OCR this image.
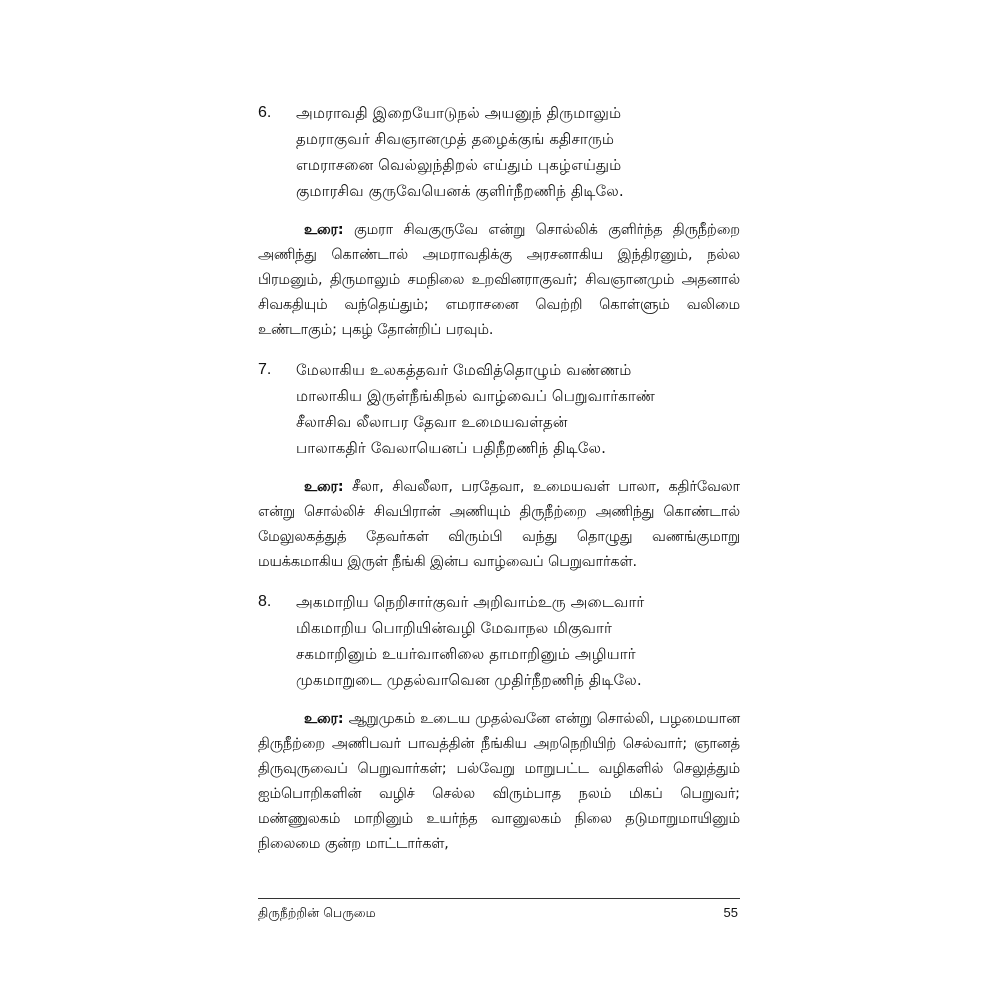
6. அமராவதி இறையோடுநல் அயனுந் திருமாலும்
தமராகுவர் சிவஞானமுத் தழைக்குங் கதிசாரும்
எமராசனை வெல்லுந்திறல் எய்தும் புகழ்எய்தும்
குமாரசிவ குருவேயெனக் குளிர்நீறணிந் திடிலே.

உரை: குமரா சிவகுருவே என்று சொல்லிக் குளிர்ந்த திருநீற்றை அணிந்து கொண்டால் அமராவதிக்கு அரசனாகிய இந்திரனும், நல்ல பிரமனும், திருமாலும் சமநிலை உறவினராகுவர்; சிவஞானமும் அதனால் சிவகதியும் வந்தெய்தும்; எமராசனை வெற்றி கொள்ளும் வலிமை உண்டாகும்; புகழ் தோன்றிப் பரவும்.

7. மேலாகிய உலகத்தவர் மேவித்தொழும் வண்ணம்
மாலாகிய இருள்நீங்கிநல் வாழ்வைப் பெறுவார்காண்
சீலாசிவ லீலாபர தேவா உமையவள்தன்
பாலாகதிர் வேலாயெனப் பதிநீறணிந் திடிலே.

உரை: சீலா, சிவலீலா, பரதேவா, உமையவள் பாலா, கதிர்வேலா என்று சொல்லிச் சிவபிரான் அணியும் திருநீற்றை அணிந்து கொண்டால் மேலுலகத்துத் தேவர்கள் விரும்பி வந்து தொழுது வணங்குமாறு மயக்கமாகிய இருள் நீங்கி இன்ப வாழ்வைப் பெறுவார்கள்.

8. அகமாறிய நெறிசார்குவர் அறிவாம்உரு அடைவார்
மிகமாறிய பொறியின்வழி மேவாநல மிகுவார்
சகமாறினும் உயர்வானிலை தாமாறினும் அழியார்
முகமாறுடை முதல்வாவென முதிர்நீறணிந் திடிலே.

உரை: ஆறுமுகம் உடைய முதல்வனே என்று சொல்லி, பழமையான திருநீற்றை அணிபவர் பாவத்தின் நீங்கிய அறநெறியிற் செல்வார்; ஞானத் திருவுருவைப் பெறுவார்கள்; பல்வேறு மாறுபட்ட வழிகளில் செலுத்தும் ஐம்பொறிகளின் வழிச் செல்ல விரும்பாத நலம் மிகப் பெறுவர்; மண்ணுலகம் மாறினும் உயர்ந்த வானுலகம் நிலை தடுமாறுமாயினும் நிலைமை குன்ற மாட்டார்கள்,

திருநீற்றின் பெருமை	55
